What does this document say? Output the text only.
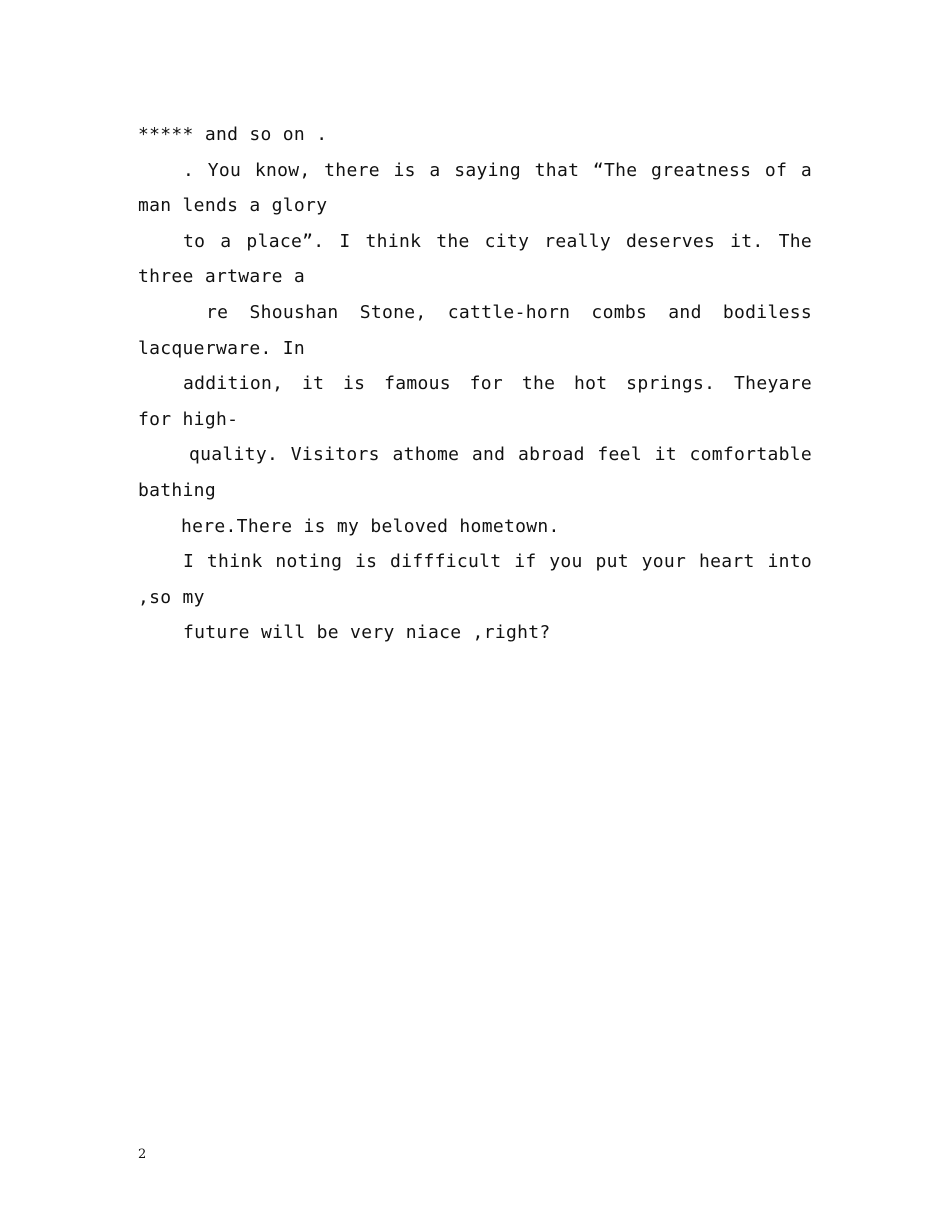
***** and so on .
. You know, there is a saying that “The greatness of a
man lends a glory
to a place”. I think the city really deserves it. The
three artware a
re Shoushan Stone, cattle-horn combs and bodiless
lacquerware. In
addition, it is famous for the hot springs. Theyare
for high-
quality. Visitors athome and abroad feel it comfortable
bathing
here.There is my beloved hometown.
I think noting is diffficult if you put your heart into
,so my
future will be very niace ,right?
2
